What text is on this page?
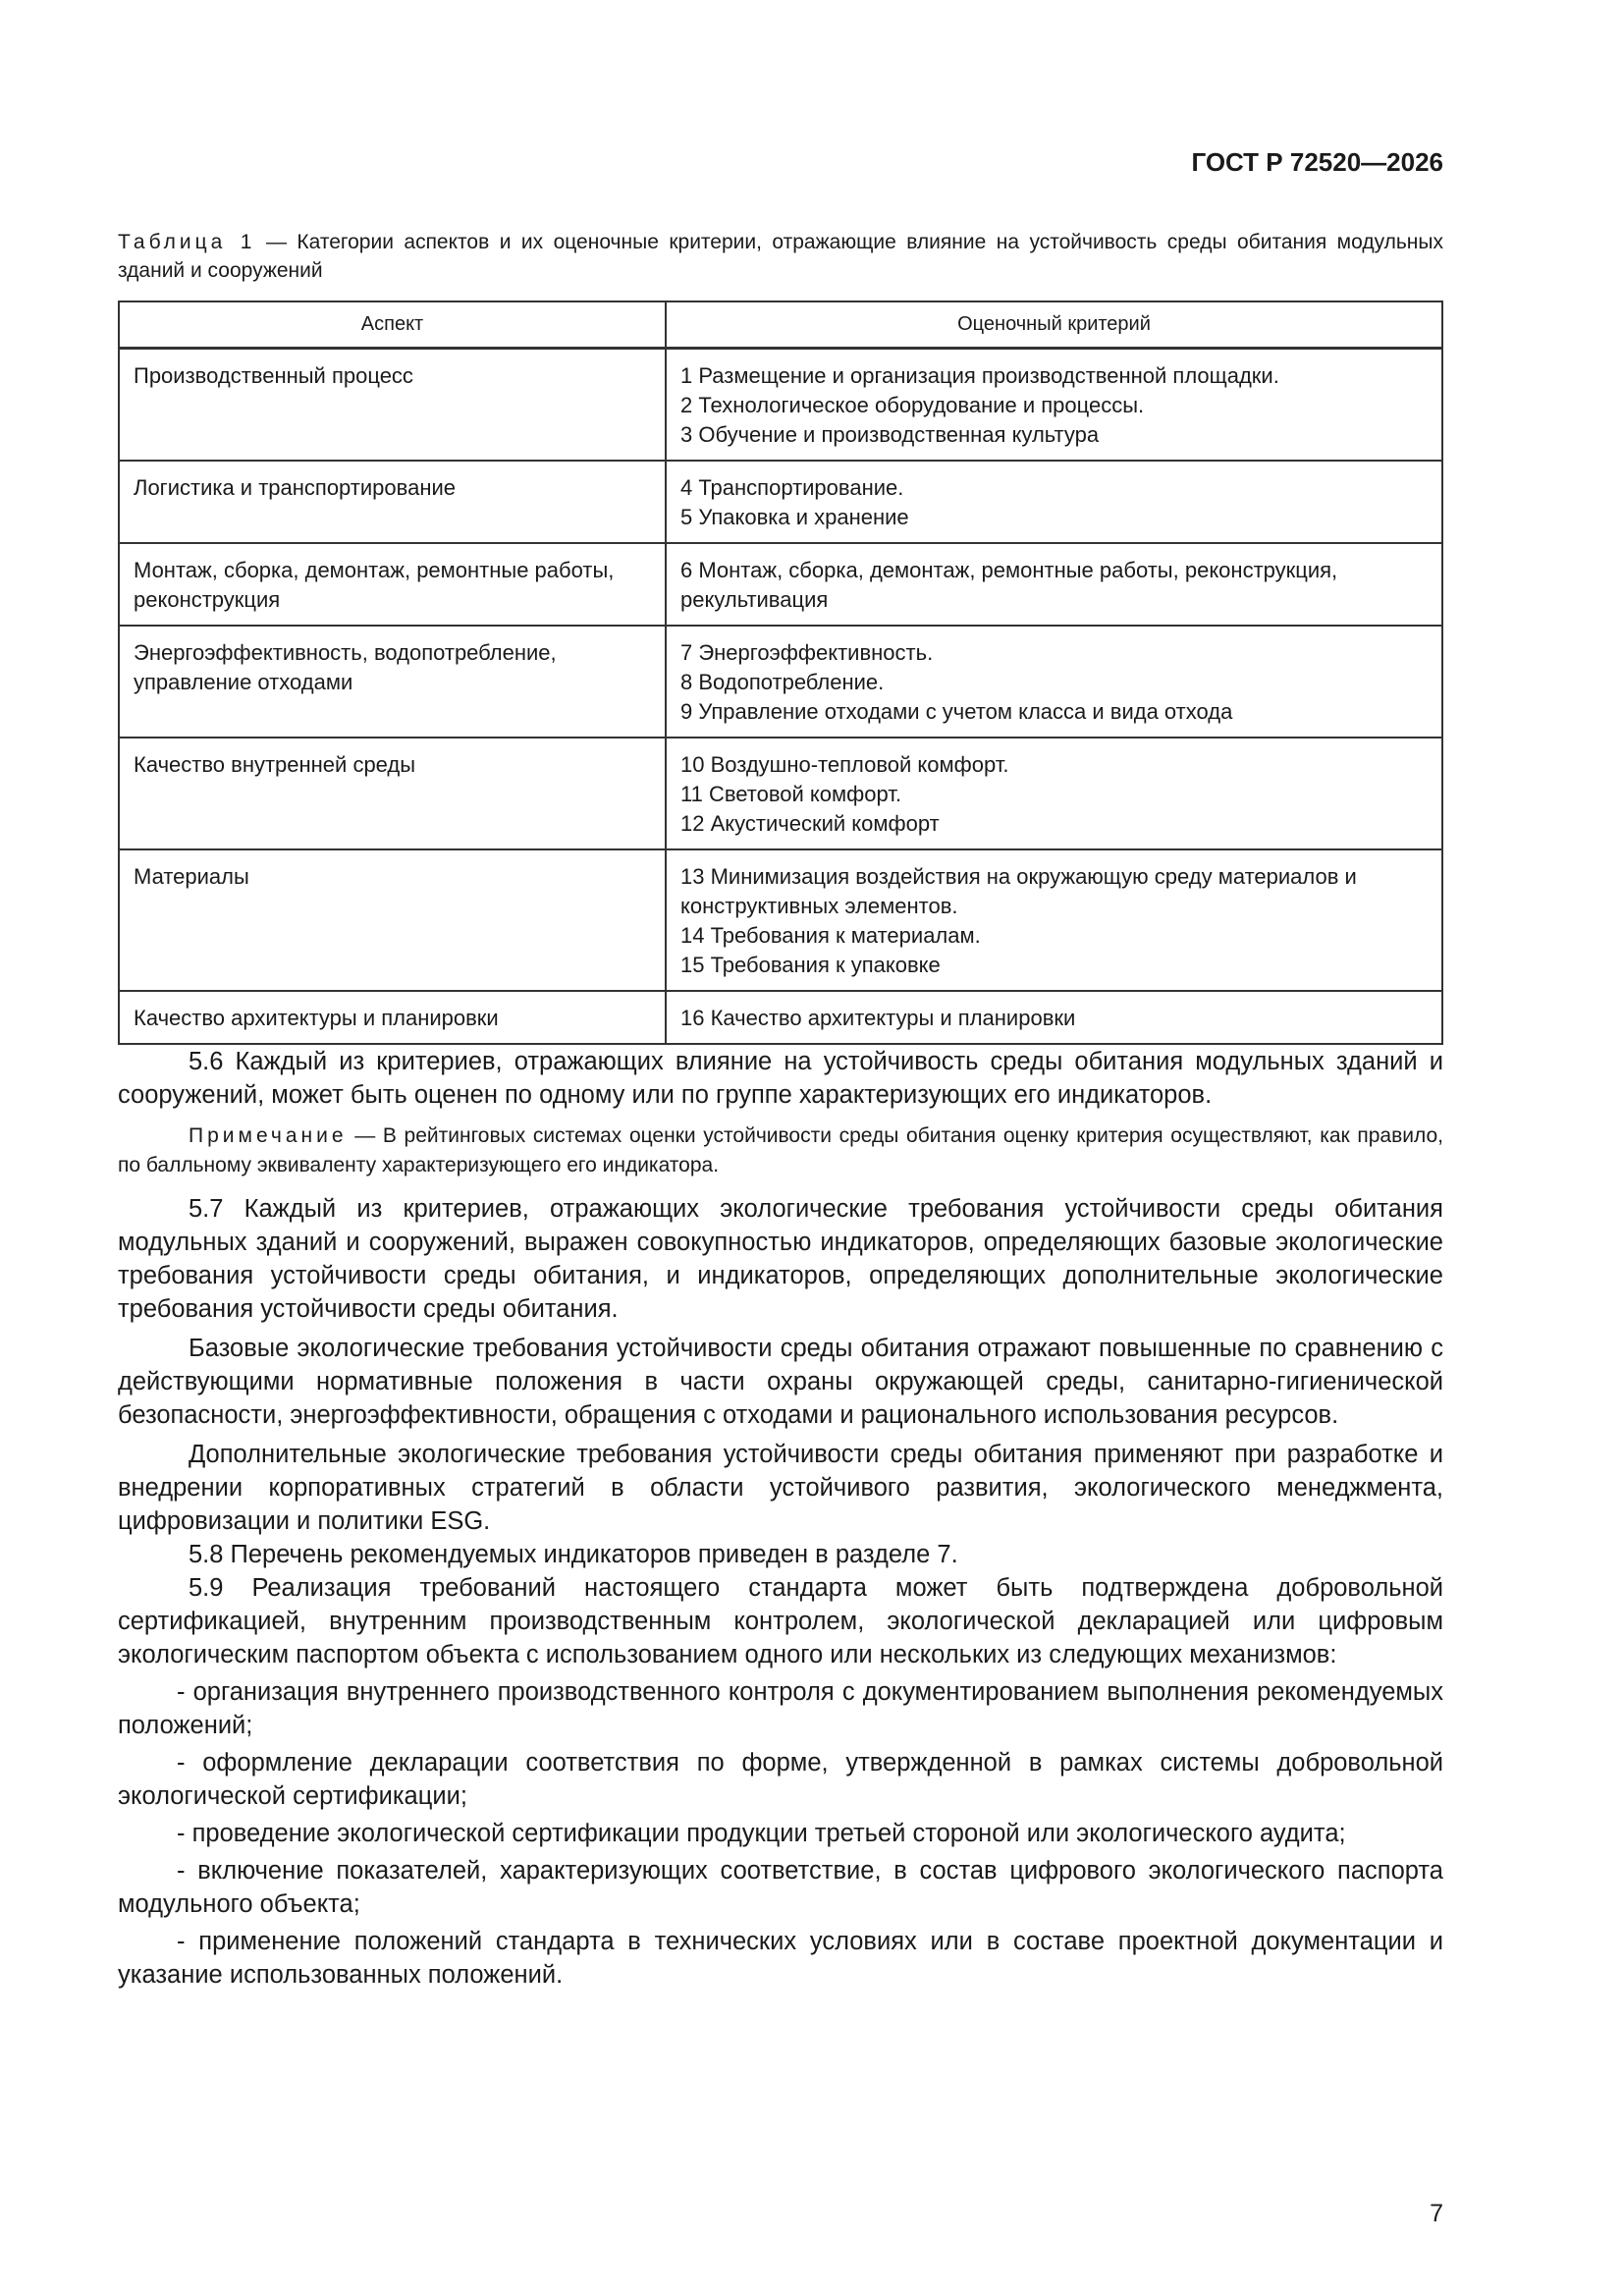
ГОСТ Р 72520—2026
Таблица 1 — Категории аспектов и их оценочные критерии, отражающие влияние на устойчивость среды обитания модульных зданий и сооружений
Аспект	Оценочный критерий
Производственный процесс	1 Размещение и организация производственной площадки.
2 Технологическое оборудование и процессы.
3 Обучение и производственная культура

Логистика и транспортирование	4 Транспортирование.
5 Упаковка и хранение

Монтаж, сборка, демонтаж, ремонтные работы, реконструкция	6 Монтаж, сборка, демонтаж, ремонтные работы, реконструкция, рекультивация

Энергоэффективность, водопотребление, управление отходами	7 Энергоэффективность.
8 Водопотребление.
9 Управление отходами с учетом класса и вида отхода

Качество внутренней среды	10 Воздушно-тепловой комфорт.
11 Световой комфорт.
12 Акустический комфорт

Материалы	13 Минимизация воздействия на окружающую среду материалов и конструктивных элементов.
14 Требования к материалам.
15 Требования к упаковке

Качество архитектуры и планировки	16 Качество архитектуры и планировки

5.6 Каждый из критериев, отражающих влияние на устойчивость среды обитания модульных зданий и сооружений, может быть оценен по одному или по группе характеризующих его индикаторов.

Примечание — В рейтинговых системах оценки устойчивости среды обитания оценку критерия осуществляют, как правило, по балльному эквиваленту характеризующего его индикатора.

5.7 Каждый из критериев, отражающих экологические требования устойчивости среды обитания модульных зданий и сооружений, выражен совокупностью индикаторов, определяющих базовые экологические требования устойчивости среды обитания, и индикаторов, определяющих дополнительные экологические требования устойчивости среды обитания.

Базовые экологические требования устойчивости среды обитания отражают повышенные по сравнению с действующими нормативные положения в части охраны окружающей среды, санитарно-гигиенической безопасности, энергоэффективности, обращения с отходами и рационального использования ресурсов.

Дополнительные экологические требования устойчивости среды обитания применяют при разработке и внедрении корпоративных стратегий в области устойчивого развития, экологического менеджмента, цифровизации и политики ESG.

5.8 Перечень рекомендуемых индикаторов приведен в разделе 7.

5.9 Реализация требований настоящего стандарта может быть подтверждена добровольной сертификацией, внутренним производственным контролем, экологической декларацией или цифровым экологическим паспортом объекта с использованием одного или нескольких из следующих механизмов:

- организация внутреннего производственного контроля с документированием выполнения рекомендуемых положений;

- оформление декларации соответствия по форме, утвержденной в рамках системы добровольной экологической сертификации;

- проведение экологической сертификации продукции третьей стороной или экологического аудита;

- включение показателей, характеризующих соответствие, в состав цифрового экологического паспорта модульного объекта;

- применение положений стандарта в технических условиях или в составе проектной документации и указание использованных положений.

7
